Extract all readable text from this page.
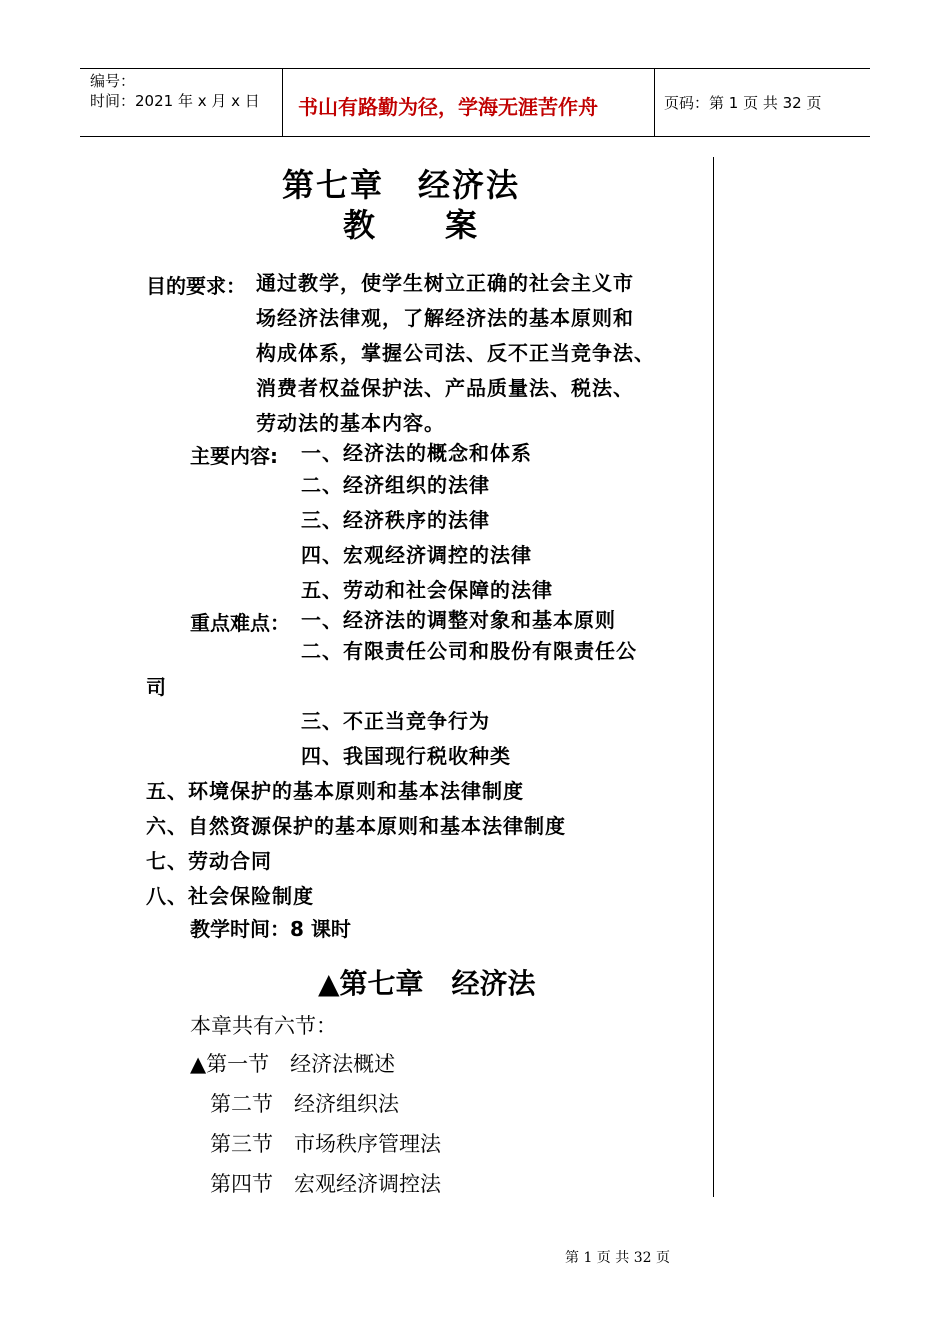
编号：
时间：2021 年 x 月 x 日 书山有路勤为径，学海无涯苦作舟	页码：第 1 页 共 32 页
第七章　经济法
教　　案
目的要求： 通过教学，使学生树立正确的社会主义市
场经济法律观，了解经济法的基本原则和
构成体系，掌握公司法、反不正当竞争法、
消费者权益保护法、产品质量法、税法、
劳动法的基本内容。
主要内容: 一、经济法的概念和体系
二、经济组织的法律
三、经济秩序的法律
四、宏观经济调控的法律
五、劳动和社会保障的法律
重点难点： 一、经济法的调整对象和基本原则
二、有限责任公司和股份有限责任公
司
三、不正当竞争行为
四、我国现行税收种类
五、环境保护的基本原则和基本法律制度
六、自然资源保护的基本原则和基本法律制度
七、劳动合同
八、社会保险制度
教学时间：8 课时
▲第七章　经济法
本章共有六节：
▲第一节　经济法概述
第二节　经济组织法
第三节　市场秩序管理法
第四节　宏观经济调控法
第 1 页 共 32 页
